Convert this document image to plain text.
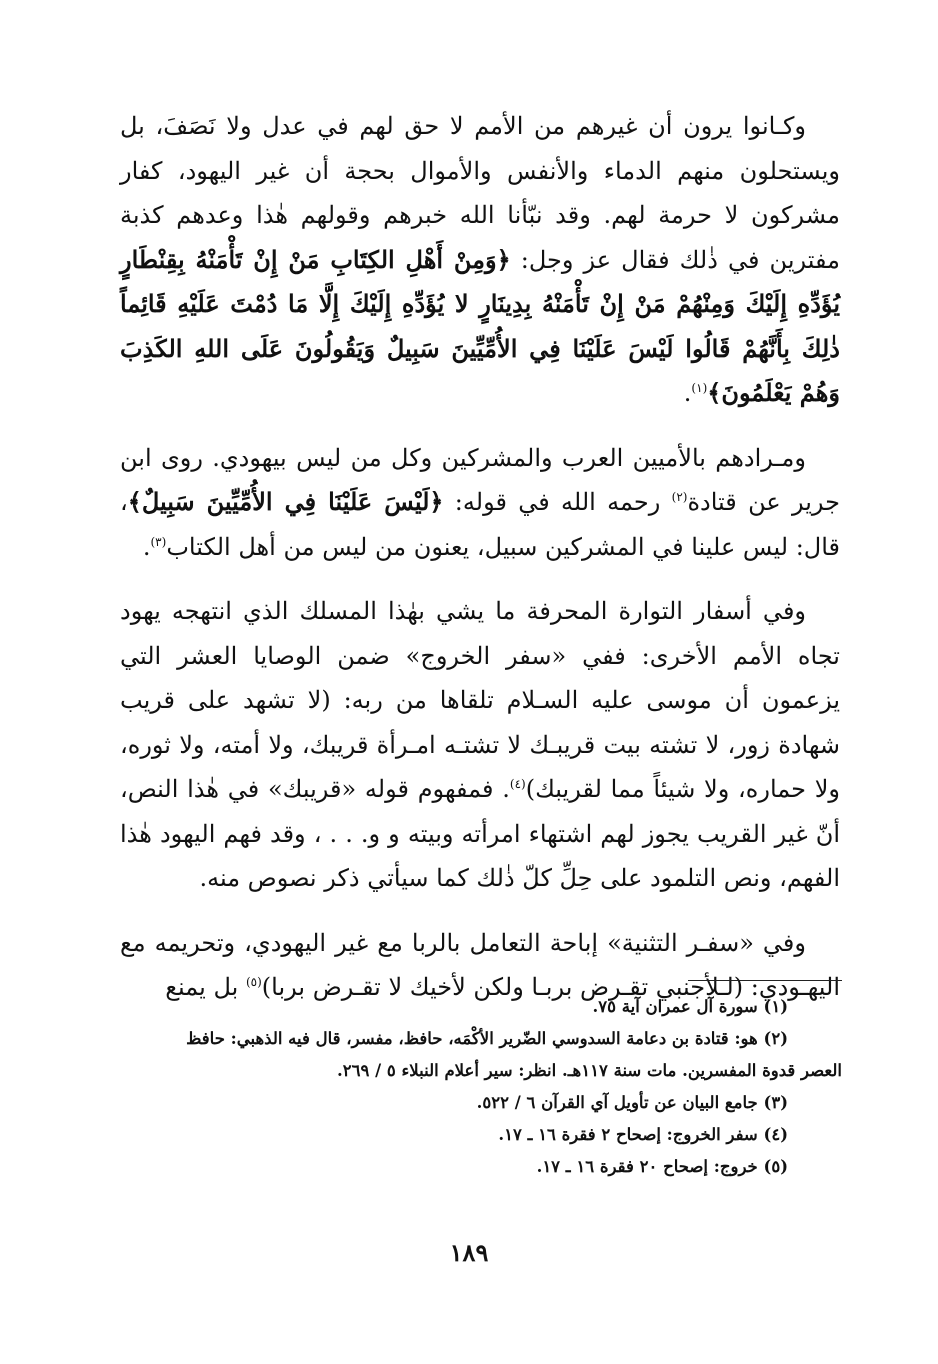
وكـانوا يرون أن غيرهم من الأمم لا حق لهم في عدل ولا نَصَفَ، بل ويستحلون منهم الدماء والأنفس والأموال بحجة أن غير اليهود، كفار مشركون لا حرمة لهم. وقد نبّأنا الله خبرهم وقولهم هٰذا وعدهم كذبة مفترين في ذٰلك فقال عز وجل: ﴿وَمِنْ أَهْلِ الكِتَابِ مَنْ إِنْ تَأْمَنْهُ بِقِنْطَارٍ يُؤَدِّهِ إِلَيْكَ وَمِنْهُمْ مَنْ إِنْ تَأْمَنْهُ بِدِينَارٍ لا يُؤَدِّهِ إِلَيْكَ إِلَّا مَا دُمْتَ عَلَيْهِ قَائِماً ذٰلِكَ بِأَنَّهُمْ قَالُوا لَيْسَ عَلَيْنَا فِي الأُمِّيِّينَ سَبِيلٌ وَيَقُولُونَ عَلَى اللهِ الكَذِبَ وَهُمْ يَعْلَمُونَ﴾$^{(١)}$.

ومـرادهم بالأميين العرب والمشركين وكل من ليس بيهودي. روى ابن جرير عن قتادة$^{(٢)}$ رحمه الله في قوله: ﴿لَيْسَ عَلَيْنَا فِي الأُمِّيِّينَ سَبِيلٌ﴾، قال: ليس علينا في المشركين سبيل، يعنون من ليس من أهل الكتاب$^{(٣)}$.

وفي أسفار التوارة المحرفة ما يشي بهٰذا المسلك الذي انتهجه يهود تجاه الأمم الأخرى: ففي «سفر الخروج» ضمن الوصايا العشر التي يزعمون أن موسى عليه السـلام تلقاها من ربه: (لا تشهد على قريب شهادة زور، لا تشته بيت قريبـك لا تشتـه امـرأة قريبك، ولا أمته، ولا ثوره، ولا حماره، ولا شيئاً مما لقريبك)$^{(٤)}$. فمفهوم قوله «قريبك» في هٰذا النص، أنّ غير القريب يجوز لهم اشتهاء امرأته وبيته و و. . . ، وقد فهم اليهود هٰذا الفهم، ونص التلمود على حِلِّ كلّ ذٰلك كما سيأتي ذكر نصوص منه.

وفي «سفـر التثنية» إباحة التعامل بالربا مع غير اليهودي، وتحريمه مع اليهـودي: (لـلأجنبي تقـرض بربـا ولكن لأخيك لا تقـرض بربا)$^{(٥)}$ بل يمنع

(١) سورة آل عمران آية ٧٥.

(٢) هو: قتادة بن دعامة السدوسي الضّرير الأكْمَه، حافظ، مفسر، قال فيه الذهبي: حافظ

العصر قدوة المفسرين. مات سنة ١١٧هـ. انظر: سير أعلام النبلاء ٥ / ٢٦٩.

(٣) جامع البيان عن تأويل آي القرآن ٦ / ٥٢٢.

(٤) سفر الخروج: إصحاح ٢ فقرة ١٦ ـ ١٧.

(٥) خروج: إصحاح ٢٠ فقرة ١٦ ـ ١٧.

١٨٩
